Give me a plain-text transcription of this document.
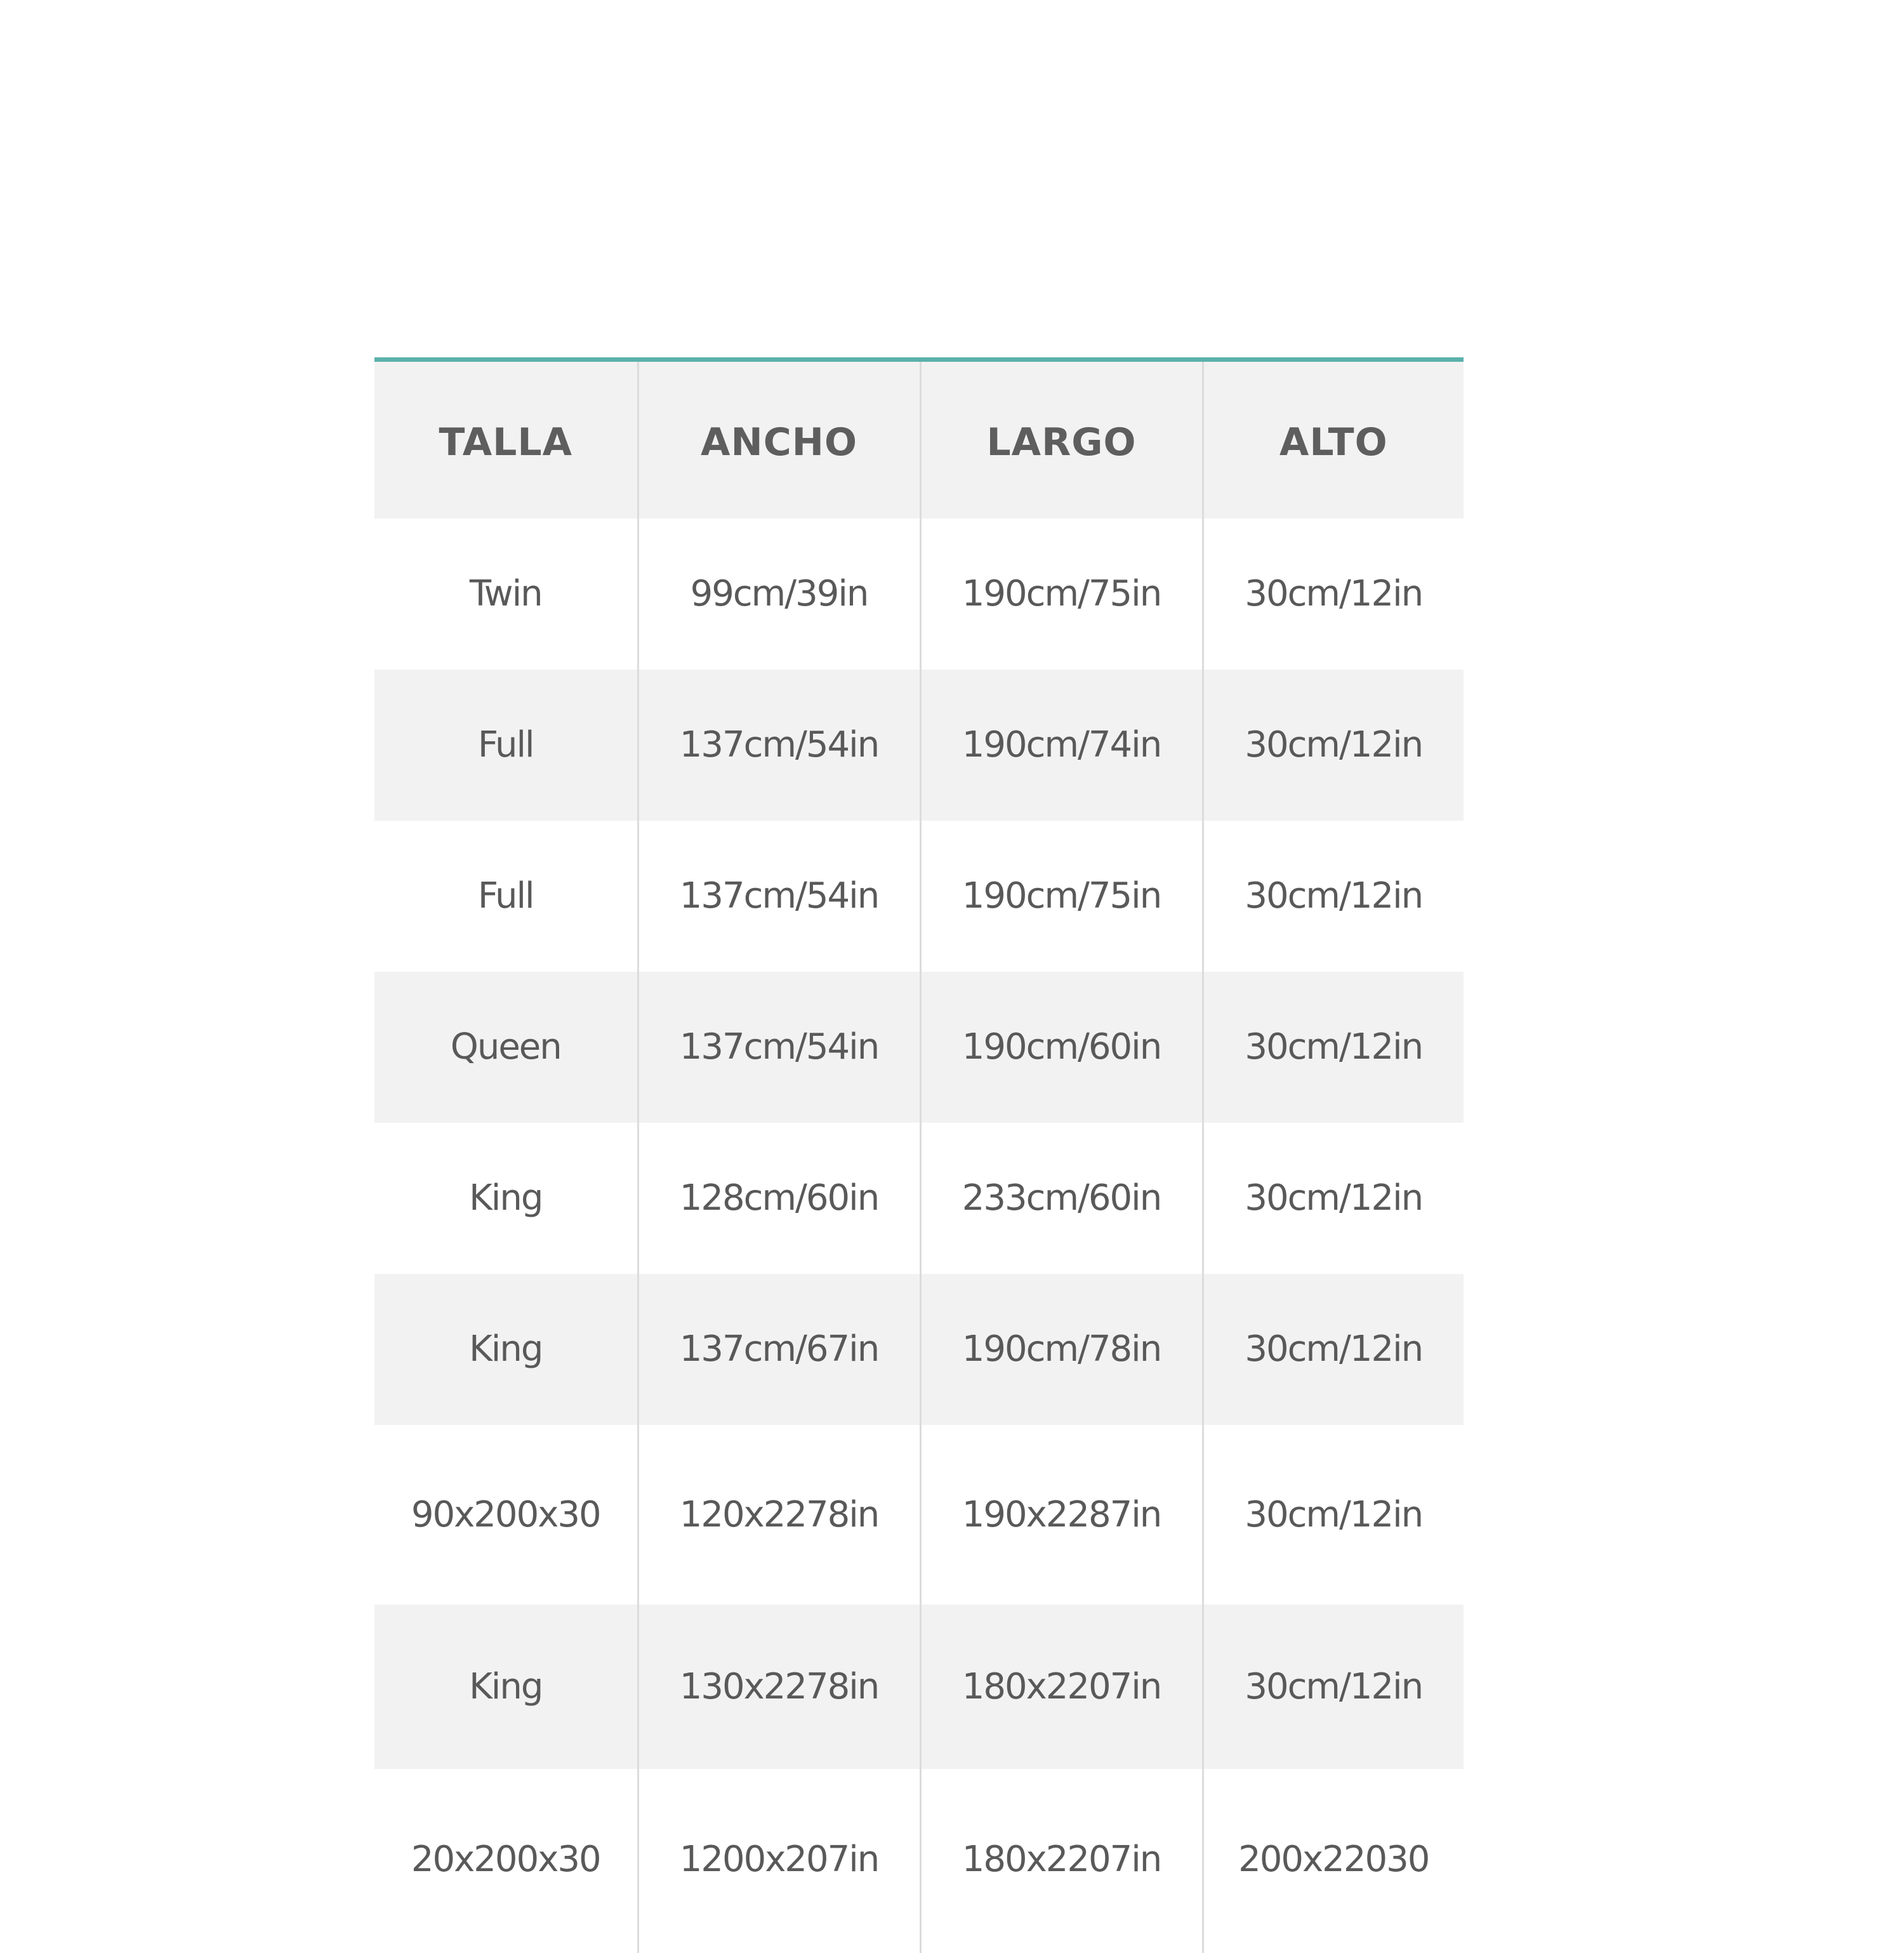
TALLA	ANCHO	LARGO	ALTO
Twin	99cm/39in	190cm/75in	30cm/12in
Full	137cm/54in	190cm/74in	30cm/12in
Full	137cm/54in	190cm/75in	30cm/12in
Queen	137cm/54in	190cm/60in	30cm/12in
King	128cm/60in	233cm/60in	30cm/12in
King	137cm/67in	190cm/78in	30cm/12in
90x200x30	120x2278in	190x2287in	30cm/12in
King	130x2278in	180x2207in	30cm/12in
20x200x30	1200x207in	180x2207in	200x22030
